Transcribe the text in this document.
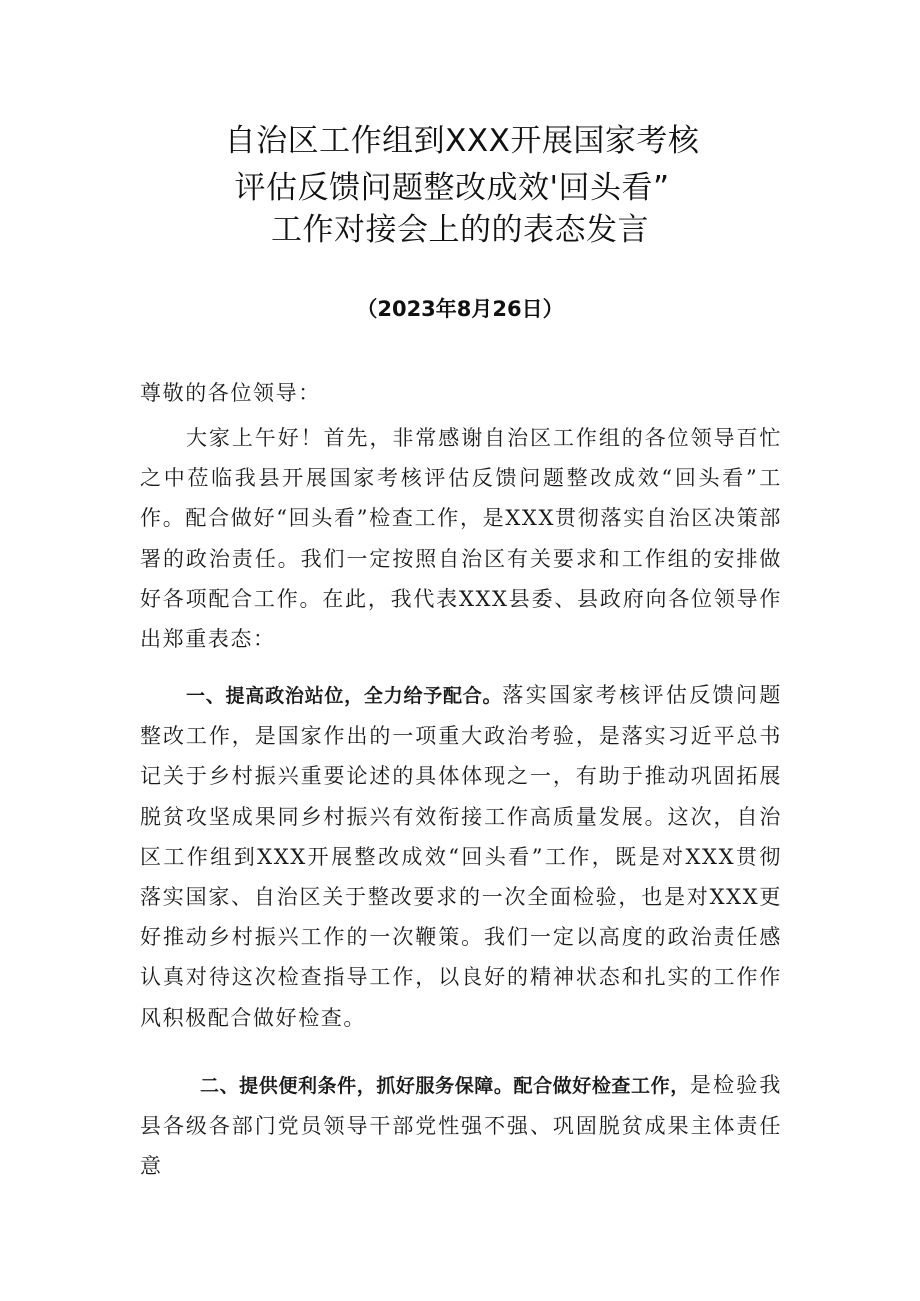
自治区工作组到XXX开展国家考核
评估反馈问题整改成效'回头看”
工作对接会上的的表态发言
（2023年8月26日）
尊敬的各位领导：
大家上午好！首先，非常感谢自治区工作组的各位领导百忙之中莅临我县开展国家考核评估反馈问题整改成效“回头看”工作。配合做好“回头看”检查工作，是XXX贯彻落实自治区决策部署的政治责任。我们一定按照自治区有关要求和工作组的安排做好各项配合工作。在此，我代表XXX县委、县政府向各位领导作出郑重表态：
一、提高政治站位，全力给予配合。落实国家考核评估反馈问题整改工作，是国家作出的一项重大政治考验，是落实习近平总书记关于乡村振兴重要论述的具体体现之一，有助于推动巩固拓展脱贫攻坚成果同乡村振兴有效衔接工作高质量发展。这次，自治区工作组到XXX开展整改成效“回头看”工作，既是对XXX贯彻落实国家、自治区关于整改要求的一次全面检验，也是对XXX更好推动乡村振兴工作的一次鞭策。我们一定以高度的政治责任感认真对待这次检查指导工作，以良好的精神状态和扎实的工作作风积极配合做好检查。
二、提供便利条件，抓好服务保障。配合做好检查工作，是检验我县各级各部门党员领导干部党性强不强、巩固脱贫成果主体责任意
